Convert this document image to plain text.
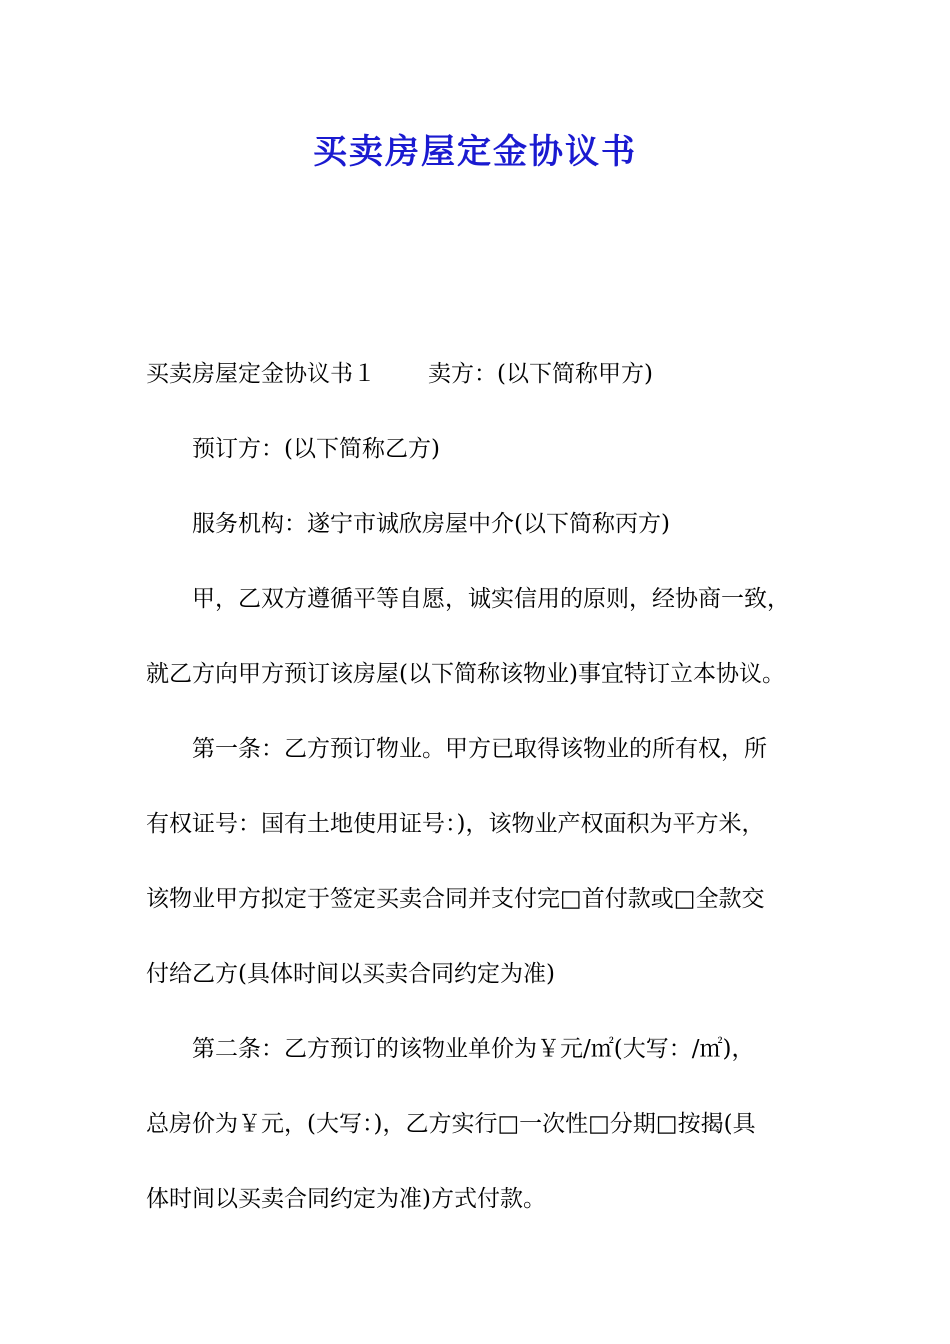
买卖房屋定金协议书
买卖房屋定金协议书１ 卖方：(以下简称甲方)
预订方：(以下简称乙方)
服务机构：遂宁市诚欣房屋中介(以下简称丙方)
甲，乙双方遵循平等自愿，诚实信用的原则，经协商一致，
就乙方向甲方预订该房屋(以下简称该物业)事宜特订立本协议。
第一条：乙方预订物业。甲方已取得该物业的所有权，所
有权证号：国有土地使用证号：)，该物业产权面积为平方米，
该物业甲方拟定于签定买卖合同并支付完□首付款或□全款交
付给乙方(具体时间以买卖合同约定为准)
第二条：乙方预订的该物业单价为￥元/㎡(大写：/㎡)，
总房价为￥元，(大写：)，乙方实行□一次性□分期□按揭(具
体时间以买卖合同约定为准)方式付款。
